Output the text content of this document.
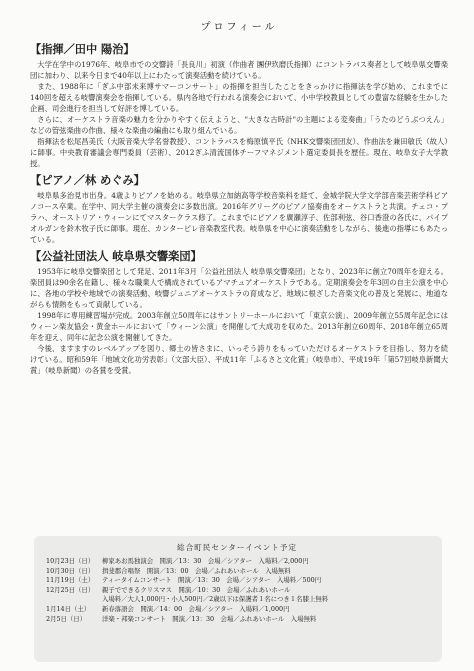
プロフィール
【指揮／田中 陽治】

大学在学中の1976年、岐阜市での交響詩「長良川」初演（作曲者 團伊玖磨氏指揮）にコントラバス奏者として岐阜県交響楽団に加わり、以来今日まで40年以上にわたって演奏活動を続けている。

また、1988年に「ぎふ中部未来博サマーコンサート」の指揮を担当したことをきっかけに指揮法を学び始め、これまでに140回を超える岐響演奏会を指揮している。県内各地で行われる演奏会において、小中学校教員としての豊富な経験を生かした企画、司会進行を担当して好評を博している。

さらに、オーケストラ音楽の魅力を分かりやすく伝えようと、"大きな古時計"の主題による変奏曲」「うたのどうぶつえん」などの管弦楽曲の作曲、様々な楽曲の編曲にも取り組んでいる。

指揮法を松尾昌美氏（大阪音楽大学名誉教授）、コントラバスを梅原慎平氏（NHK交響楽団団友）、作曲法を兼田敏氏（故人）に師事。中央教育審議会専門委員（芸術）、2012ぎふ清流国体チーフマネジメント選定委員長を歴任。現在、岐阜女子大学教授。

【ピアノ／林 めぐみ】

岐阜県多治見市出身。4歳よりピアノを始める。岐阜県立加納高等学校音楽科を経て、金城学院大学文学部音楽芸術学科ピアノコース卒業。在学中、同大学主催の演奏会に多数出演。2016年グリーグのピアノ協奏曲をオーケストラと共演。チェコ・プラハ、オーストリア・ウィーンにてマスタークラス修了。これまでにピアノを廣瀬淳子、佐部利弦、谷口香澄の各氏に、パイプオルガンを鈴木牧子氏に師事。現在、カンターピレ音楽教室代表。岐阜県を中心に演奏活動をしながら、後進の指導にもあたっている。

【公益社団法人 岐阜県交響楽団】

1953年に岐阜交響楽団として発足、2011年3月「公益社団法人 岐阜県交響楽団」となり、2023年に創立70周年を迎える。楽団員は90余名在籍し、様々な職業人で構成されているアマチュアオーケストラである。定期演奏会を年3回の自主公演を中心に、各地の学校や地域での演奏活動、岐響ジュニアオーケストラの育成など、地域に根ざした音楽文化の普及と発展に、地道ながらも情熱をもって貢献している。

1998年に専用練習場が完成。2003年創立50周年にはサントリーホールにおいて「東京公演」、2009年創立55周年記念にはウィーン楽友協会・黄金ホールにおいて「ウィーン公演」を開催して大成功を収めた。2013年創立60周年、2018年創立65周年を迎え、同年に記念公演を開催してきた。

今後、ますますのレベルアップを図り、郷土の皆さまに、いっそう誇りをもっていただけるオーケストラを目指し、努力を続けている。昭和59年「地域文化功労表彰」（文部大臣）、平成11年「ふるさと文化賞」（岐阜市）、平成19年「第57回岐阜新聞大賞」（岐阜新聞）の各賞を受賞。

総合町民センターイベント予定
10月23日（日）	柳家あお馬独演会　開演／13：30　会場／シアター　入場料／2,000円
10月30日（日）	揖斐郡合唱祭　開演／13：00　会場／ふれあいホール　入場無料
11月19日（土）	ティータイムコンサート　開演／13：30　会場／シアター　入場料／500円
12月25日（日）	親子でできるクリスマス　開演／10：30　会場／ふれあいホール
入場料／大人1,000円・小人500円／2歳以下は保護者１名につき１名膝上無料
1月14日（土）	新春落語会　開演／14：00　会場／シアター　入場料／1,000円
2月5日（日）	洋楽・邦楽コンサート　開演／13：30　会場／ふれあいホール　入場無料
